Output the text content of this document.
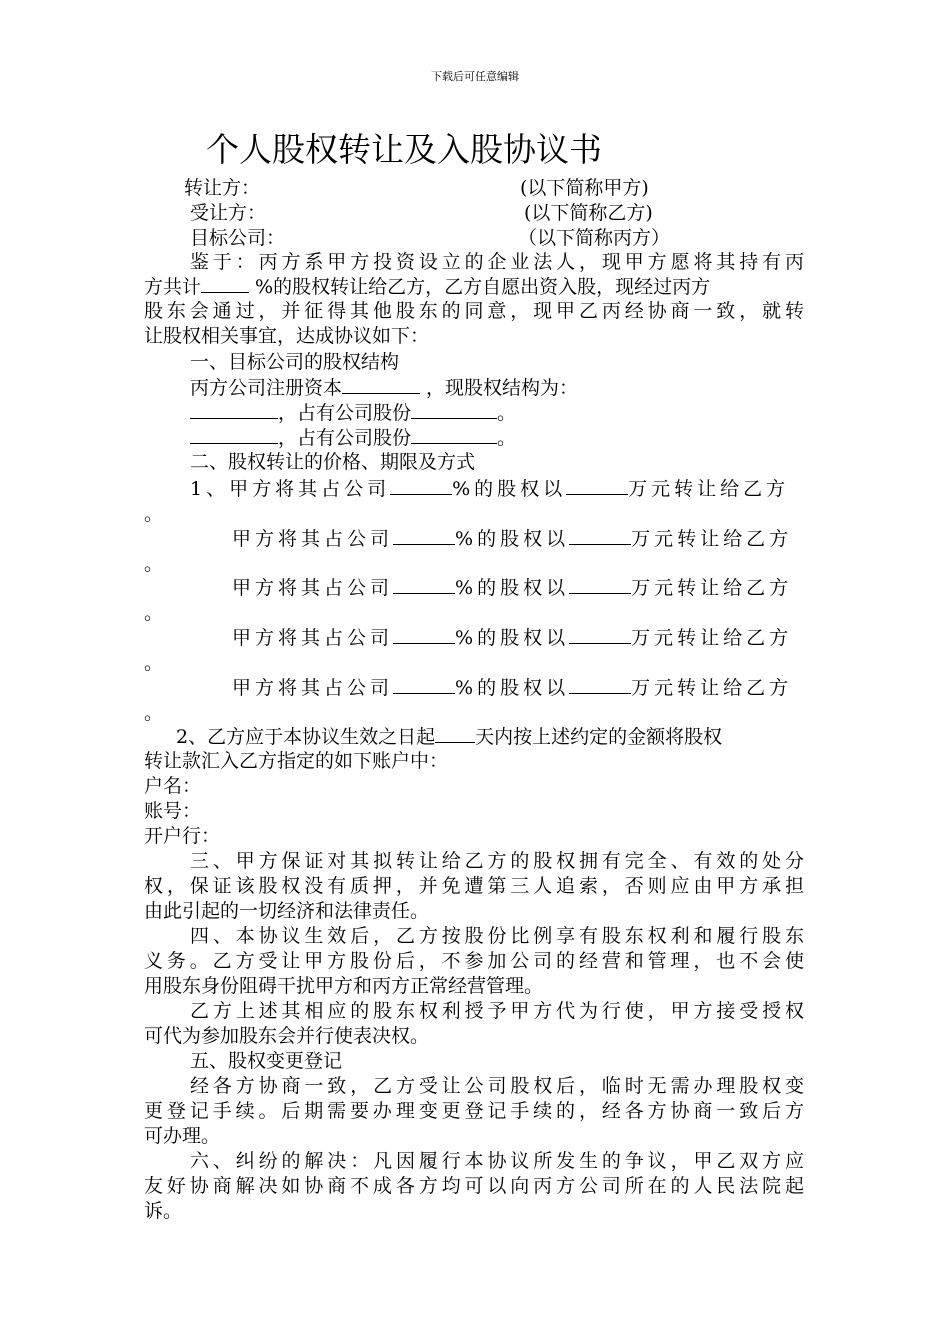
下载后可任意编辑
个人股权转让及入股协议书
转让方：	(以下简称甲方)
受让方：	(以下简称乙方)
目标公司：	（以下简称丙方）
鉴于：丙方系甲方投资设立的企业法人，现甲方愿将其持有丙
方共计	%的股权转让给乙方，乙方自愿出资入股，现经过丙方
股东会通过，并征得其他股东的同意，现甲乙丙经协商一致，就转
让股权相关事宜，达成协议如下：
一、目标公司的股权结构
丙方公司注册资本	，现股权结构为：
，占有公司股份	。
，占有公司股份	。
二、股权转让的价格、期限及方式
1、甲方将其占公司	%的股权以	万元转让给乙方
。
甲方将其占公司	%的股权以	万元转让给乙方
。
甲方将其占公司	%的股权以	万元转让给乙方
。
甲方将其占公司	%的股权以	万元转让给乙方
。
甲方将其占公司	%的股权以	万元转让给乙方
。
2、乙方应于本协议生效之日起 天内按上述约定的金额将股权
转让款汇入乙方指定的如下账户中：
户名：
账号：
开户行：
三、甲方保证对其拟转让给乙方的股权拥有完全、有效的处分
权，保证该股权没有质押，并免遭第三人追索，否则应由甲方承担
由此引起的一切经济和法律责任。
四、本协议生效后，乙方按股份比例享有股东权利和履行股东
义务。乙方受让甲方股份后，不参加公司的经营和管理，也不会使
用股东身份阻碍干扰甲方和丙方正常经营管理。
乙方上述其相应的股东权利授予甲方代为行使，甲方接受授权
可代为参加股东会并行使表决权。
五、股权变更登记
经各方协商一致，乙方受让公司股权后，临时无需办理股权变
更登记手续。后期需要办理变更登记手续的，经各方协商一致后方
可办理。
六、纠纷的解决：凡因履行本协议所发生的争议，甲乙双方应
友好协商解决如协商不成各方均可以向丙方公司所在的人民法院起
诉。
